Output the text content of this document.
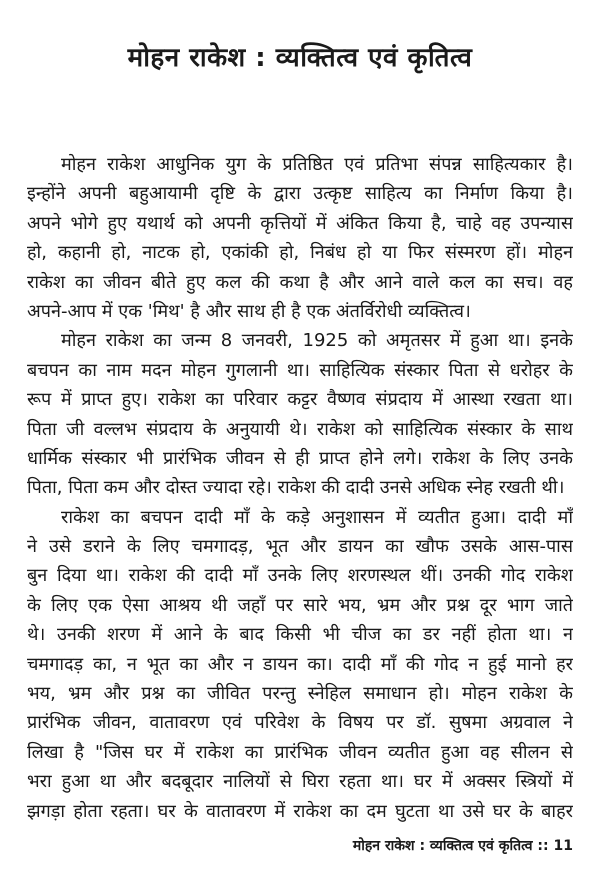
मोहन राकेश : व्यक्तित्व एवं कृतित्व
मोहन राकेश आधुनिक युग के प्रतिष्ठित एवं प्रतिभा संपन्न साहित्यकार है।
इन्होंने अपनी बहुआयामी दृष्टि के द्वारा उत्कृष्ट साहित्य का निर्माण किया है।
अपने भोगे हुए यथार्थ को अपनी कृत्तियों में अंकित किया है, चाहे वह उपन्यास
हो, कहानी हो, नाटक हो, एकांकी हो, निबंध हो या फिर संस्मरण हों। मोहन
राकेश का जीवन बीते हुए कल की कथा है और आने वाले कल का सच। वह
अपने-आप में एक 'मिथ' है और साथ ही है एक अंतर्विरोधी व्यक्तित्व।
मोहन राकेश का जन्म 8 जनवरी, 1925 को अमृतसर में हुआ था। इनके
बचपन का नाम मदन मोहन गुगलानी था। साहित्यिक संस्कार पिता से धरोहर के
रूप में प्राप्त हुए। राकेश का परिवार कट्टर वैष्णव संप्रदाय में आस्था रखता था।
पिता जी वल्लभ संप्रदाय के अनुयायी थे। राकेश को साहित्यिक संस्कार के साथ
धार्मिक संस्कार भी प्रारंभिक जीवन से ही प्राप्त होने लगे। राकेश के लिए उनके
पिता, पिता कम और दोस्त ज्यादा रहे। राकेश की दादी उनसे अधिक स्नेह रखती थी।
राकेश का बचपन दादी माँ के कड़े अनुशासन में व्यतीत हुआ। दादी माँ
ने उसे डराने के लिए चमगादड़, भूत और डायन का खौफ उसके आस-पास
बुन दिया था। राकेश की दादी माँ उनके लिए शरणस्थल थीं। उनकी गोद राकेश
के लिए एक ऐसा आश्रय थी जहाँ पर सारे भय, भ्रम और प्रश्न दूर भाग जाते
थे। उनकी शरण में आने के बाद किसी भी चीज का डर नहीं होता था। न
चमगादड़ का, न भूत का और न डायन का। दादी माँ की गोद न हुई मानो हर
भय, भ्रम और प्रश्न का जीवित परन्तु स्नेहिल समाधान हो। मोहन राकेश के
प्रारंभिक जीवन, वातावरण एवं परिवेश के विषय पर डॉ. सुषमा अग्रवाल ने
लिखा है "जिस घर में राकेश का प्रारंभिक जीवन व्यतीत हुआ वह सीलन से
भरा हुआ था और बदबूदार नालियों से घिरा रहता था। घर में अक्सर स्त्रियों में
झगड़ा होता रहता। घर के वातावरण में राकेश का दम घुटता था उसे घर के बाहर
मोहन राकेश : व्यक्तित्व एवं कृतित्व :: 11
